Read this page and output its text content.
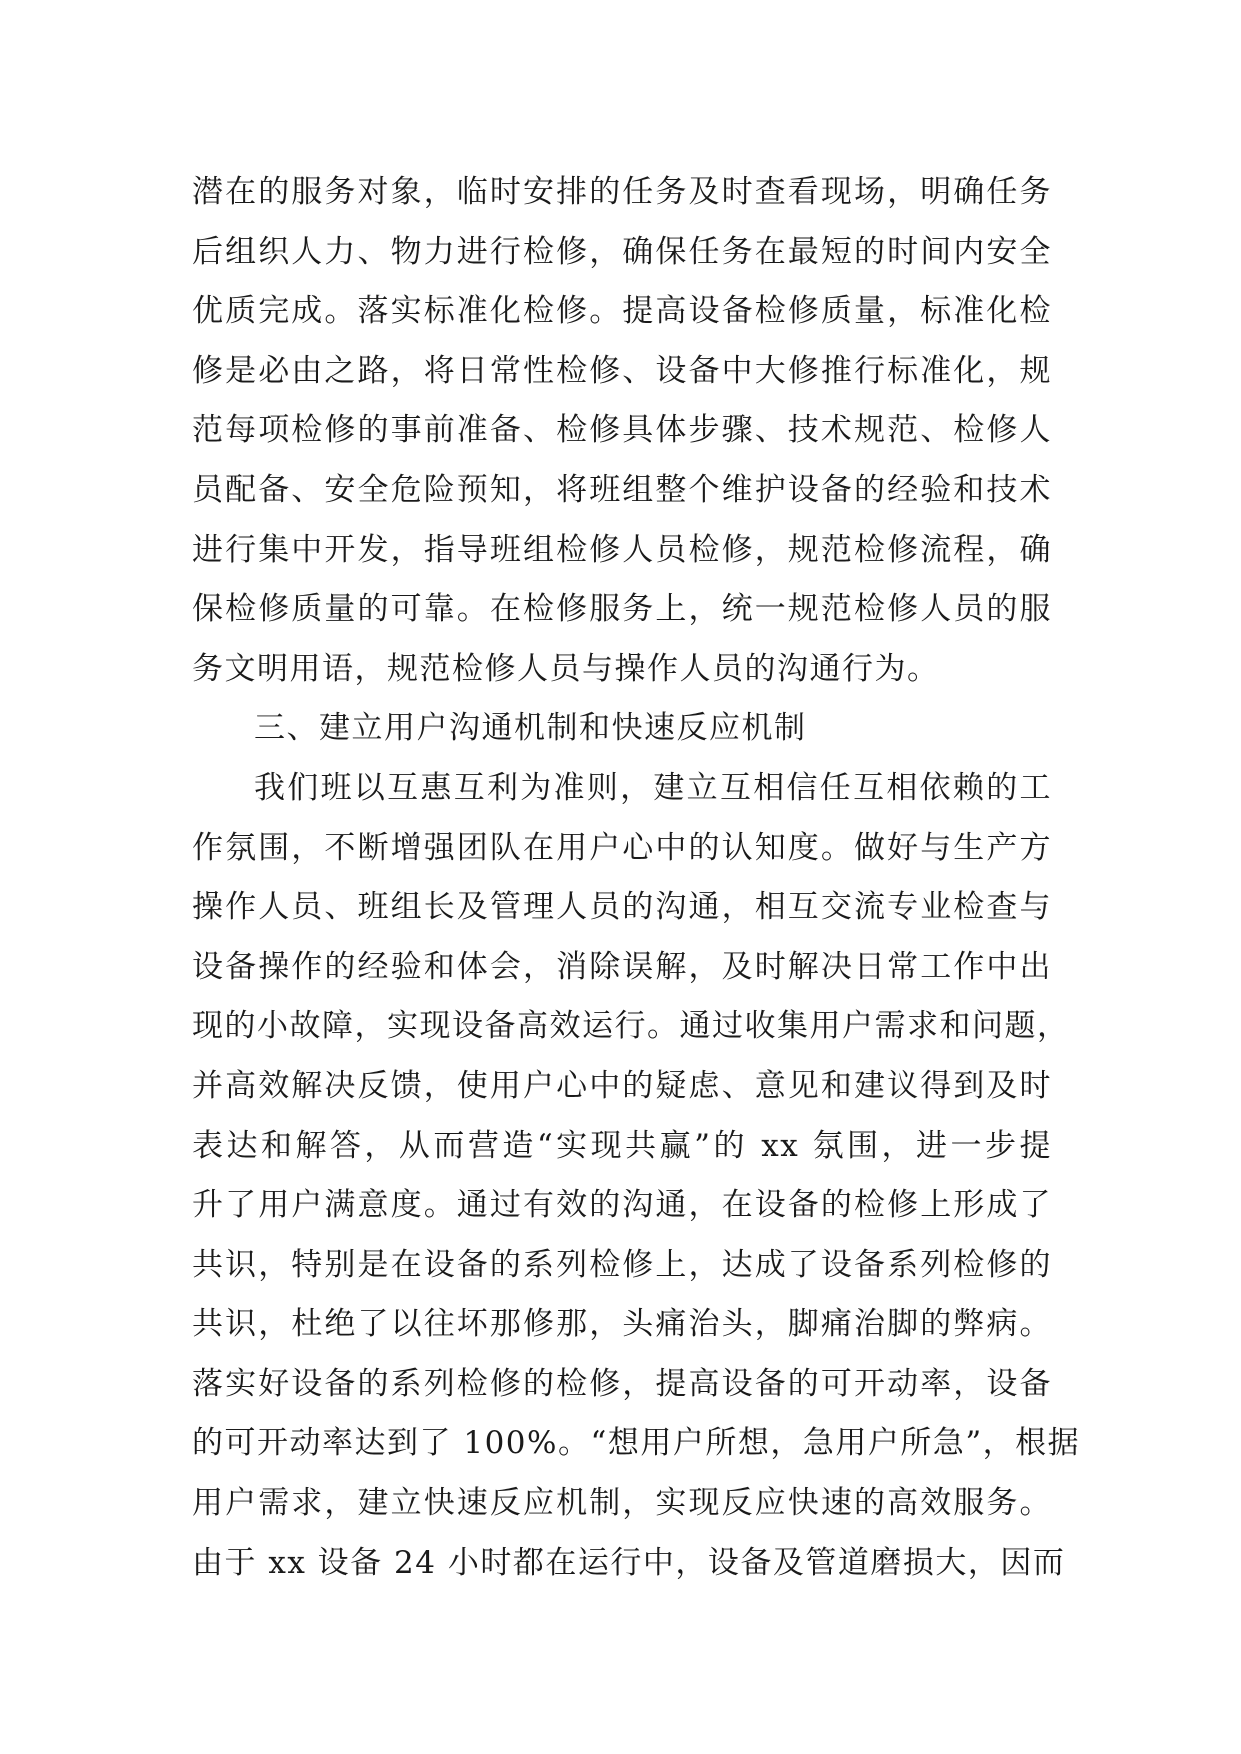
潜在的服务对象，临时安排的任务及时查看现场，明确任务
后组织人力、物力进行检修，确保任务在最短的时间内安全
优质完成。落实标准化检修。提高设备检修质量，标准化检
修是必由之路，将日常性检修、设备中大修推行标准化，规
范每项检修的事前准备、检修具体步骤、技术规范、检修人
员配备、安全危险预知，将班组整个维护设备的经验和技术
进行集中开发，指导班组检修人员检修，规范检修流程，确
保检修质量的可靠。在检修服务上，统一规范检修人员的服
务文明用语，规范检修人员与操作人员的沟通行为。
三、建立用户沟通机制和快速反应机制
我们班以互惠互利为准则，建立互相信任互相依赖的工
作氛围，不断增强团队在用户心中的认知度。做好与生产方
操作人员、班组长及管理人员的沟通，相互交流专业检查与
设备操作的经验和体会，消除误解，及时解决日常工作中出
现的小故障，实现设备高效运行。通过收集用户需求和问题，
并高效解决反馈，使用户心中的疑虑、意见和建议得到及时
表达和解答，从而营造“实现共赢”的 xx 氛围，进一步提
升了用户满意度。通过有效的沟通，在设备的检修上形成了
共识，特别是在设备的系列检修上，达成了设备系列检修的
共识，杜绝了以往坏那修那，头痛治头，脚痛治脚的弊病。
落实好设备的系列检修的检修，提高设备的可开动率，设备
的可开动率达到了 100%。“想用户所想，急用户所急”，根据
用户需求，建立快速反应机制，实现反应快速的高效服务。
由于 xx 设备 24 小时都在运行中，设备及管道磨损大，因而
